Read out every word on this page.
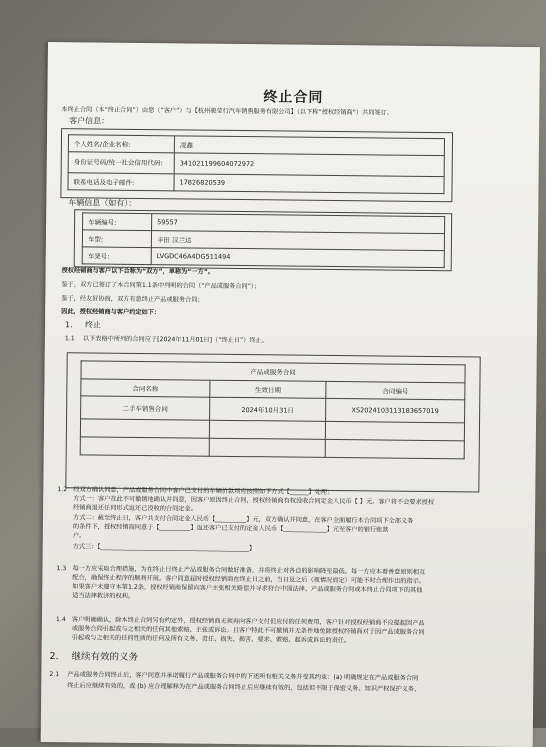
终止合同
本终止合同（本“终止合同”）由您（“客户”）与【杭州骏莹行汽车销售服务有限公司】（以下称“授权经销商”）共同签订。
客户信息：
个人姓名/企业名称:	凌鑫
身份证号码/统一社会信用代码:	341021199604072972
联系电话及电子邮件:	17826820539
车辆信息（如有）：
车辆编号:	59557
车型:	丰田 汉兰达
车架号:	LVGDC46A4DG511494
授权经销商与客户以下合称为“双方”，单称为“一方”。
鉴于，双方已签订了本合同第1.1条中列明的合同（“产品或服务合同”）；
鉴于，经友好协商，双方有意终止产品或服务合同；
因此，授权经销商与客户约定如下：
1. 终止
1.1 以下表格中所列的合同应于[2024年11月01日]（“终止日”）终止。
产品或服务合同		
合同名称	生效日期	合同编号
二手车销售合同	2024年10月31日	XS2024103113183657019

1.2 经双方确认同意，产品或服务合同中客户已支付的车辆价款项应按照如下方式【______】处理：
方式一：客户在此不可撤销地确认并同意，因客户原因终止合同，授权经销商有权没收合同定金人民币【 】元。客户将不会要求授权
经销商退还任何形式返还已没收的合同定金。
方式二：截至终止日，客户共支付合同定金人民币【__________】元，双方确认并同意，在客户全面履行本合同项下全部义务
的条件下，授权经销商同意于【__________】返还客户已支付的定金人民币【______________】元至客户的银行账款
户。
方式三：【________________________________________________】
1.3 每一方应采取合理措施，为在终止日终止产品或服务合同做好准备，并将终止对各自的影响降至最低。每一方应本着善意原则相互
配合，确保终止程序的顺利开展。客户同意届时授权经销商在终止日之前，当日及之后（视情况而定）可能不时合理作出的指示。
如果客户未遵守本第1.2条，授权经销商保留向客户主张相关赔偿并寻求符合中国法律、产品或服务合同或本终止合同项下的其他
适当法律救济的权利。
1.4 客户明确确认，除本终止合同另有约定外，授权经销商无须再向客户支付但应付的任何费用，客户针对授权经销商不应提起因产品
或服务合同引起或与之相关的任何其他索赔、主张或诉讼。且客户特此不可撤销并无条件地免除授权经销商对于因产品或服务合同
引起或与之相关的任何性质的任何及所有义务、责任、损失、损害、要求、索赔、起诉或诉讼的责任。
2. 继续有效的义务
2.1 产品或服务合同终止后，客户同意并承诺履行产品或服务合同中的下述所有相关义务并受其约束：(a) 明确规定在产品或服务合同
终止后应继续有效的，或 (b) 应合理解释为在产品或服务合同终止后应继续有效的，包括但不限于保密义务、知识产权保护义务、
